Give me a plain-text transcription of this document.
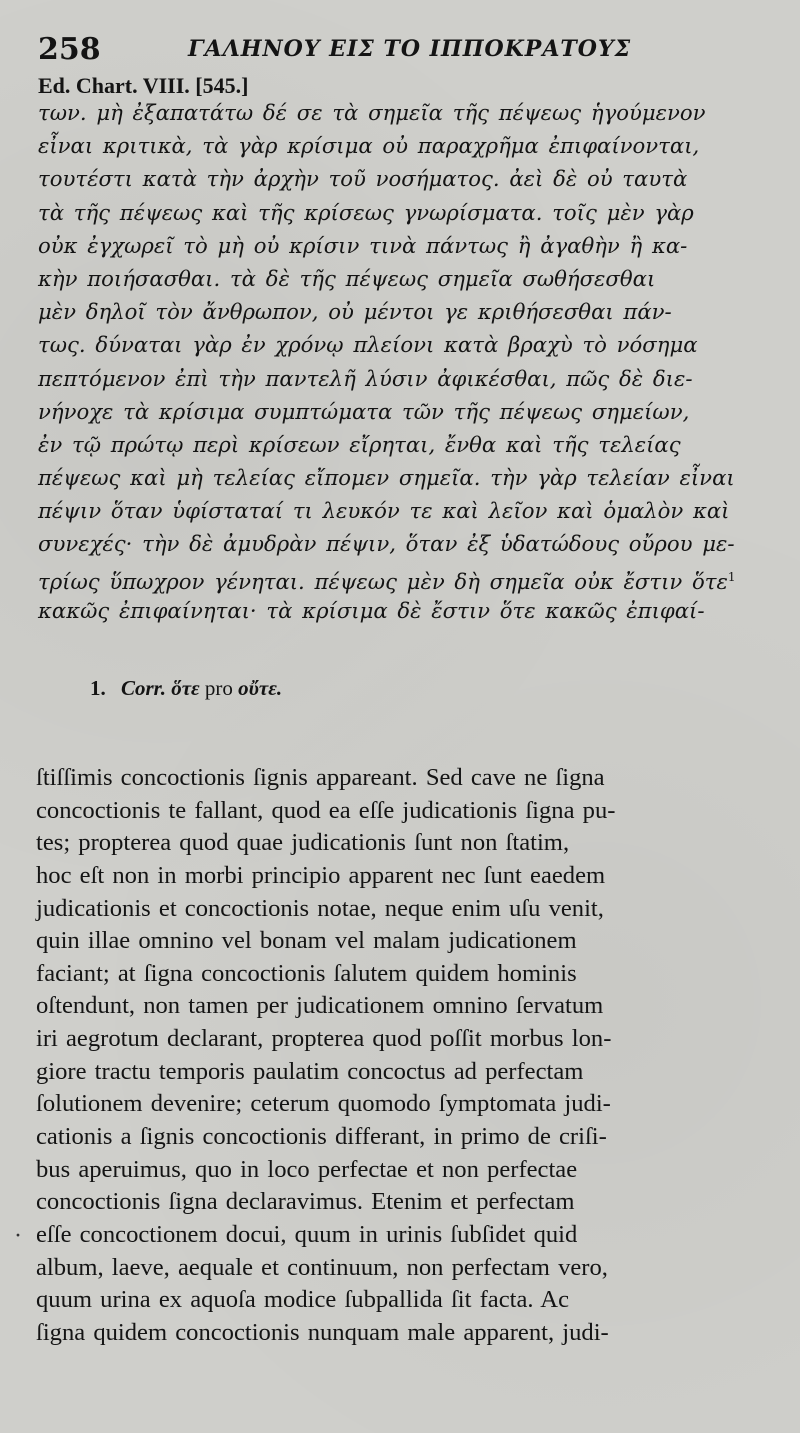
258	ΓΑΛΗΝΟΥ ΕΙΣ ΤΟ ΙΠΠΟΚΡΑΤΟΥΣ
Ed. Chart. VIII. [545.]
των. μὴ ἐξαπατάτω δέ σε τὰ σημεῖα τῆς πέψεως ἡγούμενον
εἶναι κριτικὰ, τὰ γὰρ κρίσιμα οὐ παραχρῆμα ἐπιφαίνονται,
τουτέστι κατὰ τὴν ἀρχὴν τοῦ νοσήματος. ἀεὶ δὲ οὐ ταυτὰ
τὰ τῆς πέψεως καὶ τῆς κρίσεως γνωρίσματα. τοῖς μὲν γὰρ
οὐκ ἐγχωρεῖ τὸ μὴ οὐ κρίσιν τινὰ πάντως ἢ ἀγαθὴν ἢ κα-
κὴν ποιήσασθαι. τὰ δὲ τῆς πέψεως σημεῖα σωθήσεσθαι
μὲν δηλοῖ τὸν ἄνθρωπον, οὐ μέντοι γε κριθήσεσθαι πάν-
τως. δύναται γὰρ ἐν χρόνῳ πλείονι κατὰ βραχὺ τὸ νόσημα
πεπτόμενον ἐπὶ τὴν παντελῆ λύσιν ἀφικέσθαι, πῶς δὲ διε-
νήνοχε τὰ κρίσιμα συμπτώματα τῶν τῆς πέψεως σημείων,
ἐν τῷ πρώτῳ περὶ κρίσεων εἴρηται, ἔνθα καὶ τῆς τελείας
πέψεως καὶ μὴ τελείας εἴπομεν σημεῖα. τὴν γὰρ τελείαν εἶναι
πέψιν ὅταν ὑφίσταταί τι λευκόν τε καὶ λεῖον καὶ ὁμαλὸν καὶ
συνεχές· τὴν δὲ ἀμυδρὰν πέψιν, ὅταν ἐξ ὑδατώδους οὔρου με-
τρίως ὕπωχρον γένηται. πέψεως μὲν δὴ σημεῖα οὐκ ἔστιν ὅτε$^1$
κακῶς ἐπιφαίνηται· τὰ κρίσιμα δὲ ἔστιν ὅτε κακῶς ἐπιφαί-
1. Corr. ὅτε pro οὔτε.
ſtiſſimis concoctionis ſignis appareant. Sed cave ne ſigna
concoctionis te fallant, quod ea eſſe judicationis ſigna pu-
tes; propterea quod quae judicationis ſunt non ſtatim,
hoc eſt non in morbi principio apparent nec ſunt eaedem
judicationis et concoctionis notae, neque enim uſu venit,
quin illae omnino vel bonam vel malam judicationem
faciant; at ſigna concoctionis ſalutem quidem hominis
oſtendunt, non tamen per judicationem omnino ſervatum
iri aegrotum declarant, propterea quod poſſit morbus lon-
giore tractu temporis paulatim concoctus ad perfectam
ſolutionem devenire; ceterum quomodo ſymptomata judi-
cationis a ſignis concoctionis differant, in primo de criſi-
bus aperuimus, quo in loco perfectae et non perfectae
concoctionis ſigna declaravimus. Etenim et perfectam
eſſe concoctionem docui, quum in urinis ſubſidet quid
album, laeve, aequale et continuum, non perfectam vero,
quum urina ex aquoſa modice ſubpallida ſit facta. Ac
ſigna quidem concoctionis nunquam male apparent, judi-
·
